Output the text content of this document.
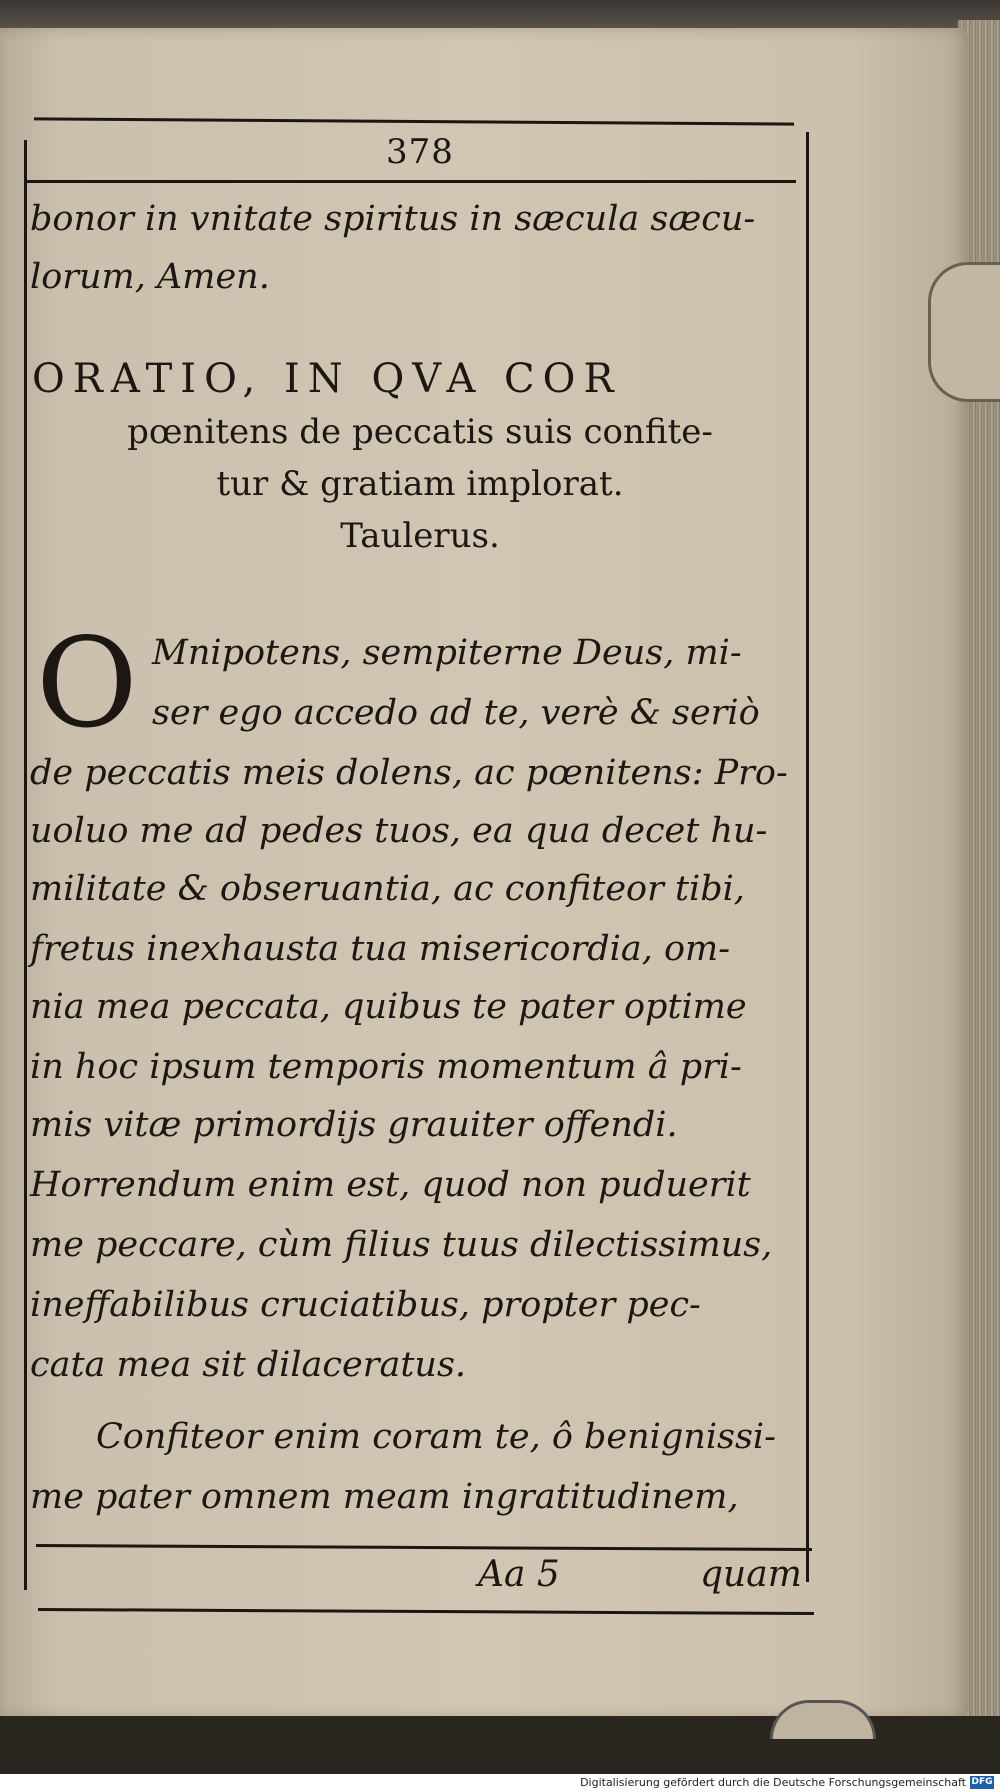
378
bonor in vnitate spiritus in sæcula sæcu-
lorum, Amen.
ORATIO, IN QVA COR
pœnitens de peccatis suis confite-
tur & gratiam implorat.
Taulerus.
O Mnipotens, sempiterne Deus, mi-
ser ego accedo ad te, verè & seriò
de peccatis meis dolens, ac pœnitens: Pro-
uoluo me ad pedes tuos, ea qua decet hu-
militate & obseruantia, ac confiteor tibi,
fretus inexhausta tua misericordia, om-
nia mea peccata, quibus te pater optime
in hoc ipsum temporis momentum â pri-
mis vitæ primordijs grauiter offendi.
Horrendum enim est, quod non puduerit
me peccare, cùm filius tuus dilectissimus,
ineffabilibus cruciatibus, propter pec-
cata mea sit dilaceratus.
Confiteor enim coram te, ô benignissi-
me pater omnem meam ingratitudinem,
Aa 5	quam
Digitalisierung gefördert durch die Deutsche Forschungsgemeinschaft DFG
